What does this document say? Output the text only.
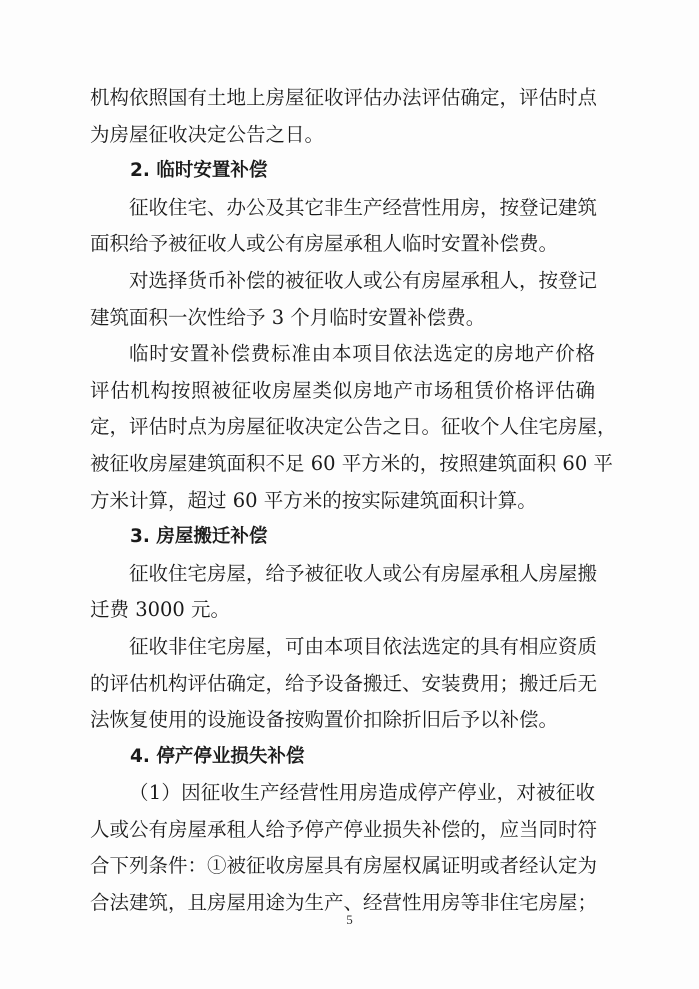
机构依照国有土地上房屋征收评估办法评估确定，评估时点
为房屋征收决定公告之日。
2. 临时安置补偿
征收住宅、办公及其它非生产经营性用房，按登记建筑
面积给予被征收人或公有房屋承租人临时安置补偿费。
对选择货币补偿的被征收人或公有房屋承租人，按登记
建筑面积一次性给予 3 个月临时安置补偿费。
临时安置补偿费标准由本项目依法选定的房地产价格
评估机构按照被征收房屋类似房地产市场租赁价格评估确
定，评估时点为房屋征收决定公告之日。征收个人住宅房屋，
被征收房屋建筑面积不足 60 平方米的，按照建筑面积 60 平
方米计算，超过 60 平方米的按实际建筑面积计算。
3. 房屋搬迁补偿
征收住宅房屋，给予被征收人或公有房屋承租人房屋搬
迁费 3000 元。
征收非住宅房屋，可由本项目依法选定的具有相应资质
的评估机构评估确定，给予设备搬迁、安装费用；搬迁后无
法恢复使用的设施设备按购置价扣除折旧后予以补偿。
4. 停产停业损失补偿
（1）因征收生产经营性用房造成停产停业，对被征收
人或公有房屋承租人给予停产停业损失补偿的，应当同时符
合下列条件：①被征收房屋具有房屋权属证明或者经认定为
合法建筑，且房屋用途为生产、经营性用房等非住宅房屋；
5
